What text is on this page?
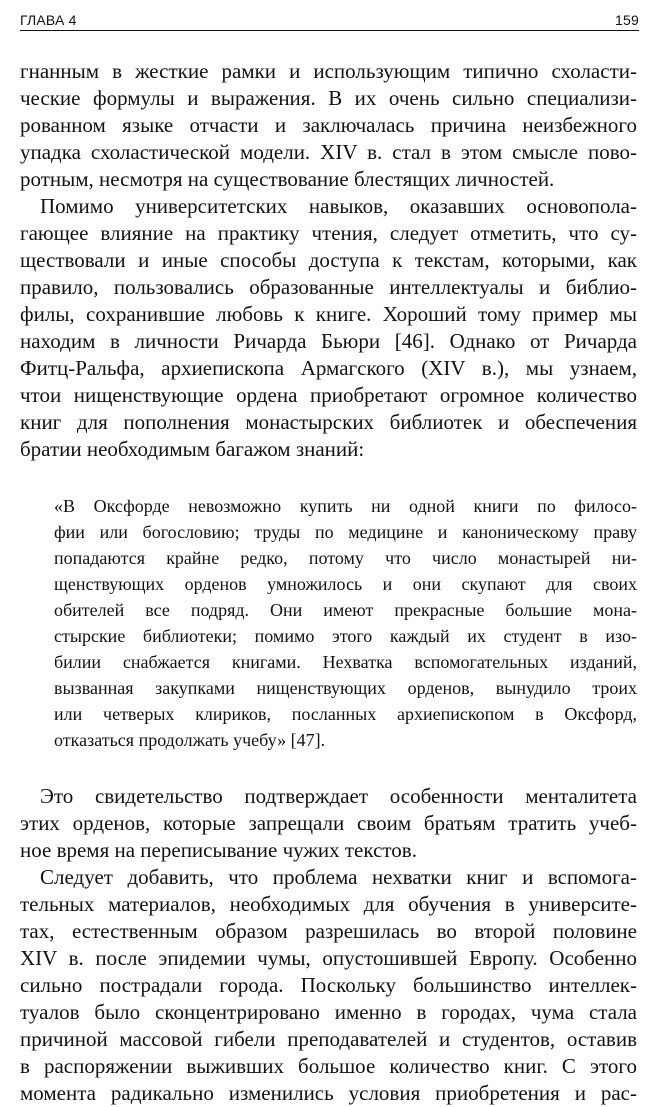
ГЛАВА 4	159
гнанным в жесткие рамки и использующим типично схоласти-
ческие формулы и выражения. В их очень сильно специализи-
рованном языке отчасти и заключалась причина неизбежного
упадка схоластической модели. XIV в. стал в этом смысле пово-
ротным, несмотря на существование блестящих личностей.
Помимо университетских навыков, оказавших основопола-
гающее влияние на практику чтения, следует отметить, что су-
ществовали и иные способы доступа к текстам, которыми, как
правило, пользовались образованные интеллектуалы и библио-
филы, сохранившие любовь к книге. Хороший тому пример мы
находим в личности Ричарда Бьюри [46]. Однако от Ричарда
Фитц-Ральфа, архиепископа Армагского (XIV в.), мы узнаем,
чтои нищенствующие ордена приобретают огромное количество
книг для пополнения монастырских библиотек и обеспечения
братии необходимым багажом знаний:
«В Оксфорде невозможно купить ни одной книги по филосо-
фии или богословию; труды по медицине и каноническому праву
попадаются крайне редко, потому что число монастырей ни-
щенствующих орденов умножилось и они скупают для своих
обителей все подряд. Они имеют прекрасные большие мона-
стырские библиотеки; помимо этого каждый их студент в изо-
билии снабжается книгами. Нехватка вспомогательных изданий,
вызванная закупками нищенствующих орденов, вынудило троих
или четверых клириков, посланных архиепископом в Оксфорд,
отказаться продолжать учебу» [47].
Это свидетельство подтверждает особенности менталитета
этих орденов, которые запрещали своим братьям тратить учеб-
ное время на переписывание чужих текстов.
Следует добавить, что проблема нехватки книг и вспомога-
тельных материалов, необходимых для обучения в университе-
тах, естественным образом разрешилась во второй половине
XIV в. после эпидемии чумы, опустошившей Европу. Особенно
сильно пострадали города. Поскольку большинство интеллек-
туалов было сконцентрировано именно в городах, чума стала
причиной массовой гибели преподавателей и студентов, оставив
в распоряжении выживших большое количество книг. С этого
момента радикально изменились условия приобретения и рас-
